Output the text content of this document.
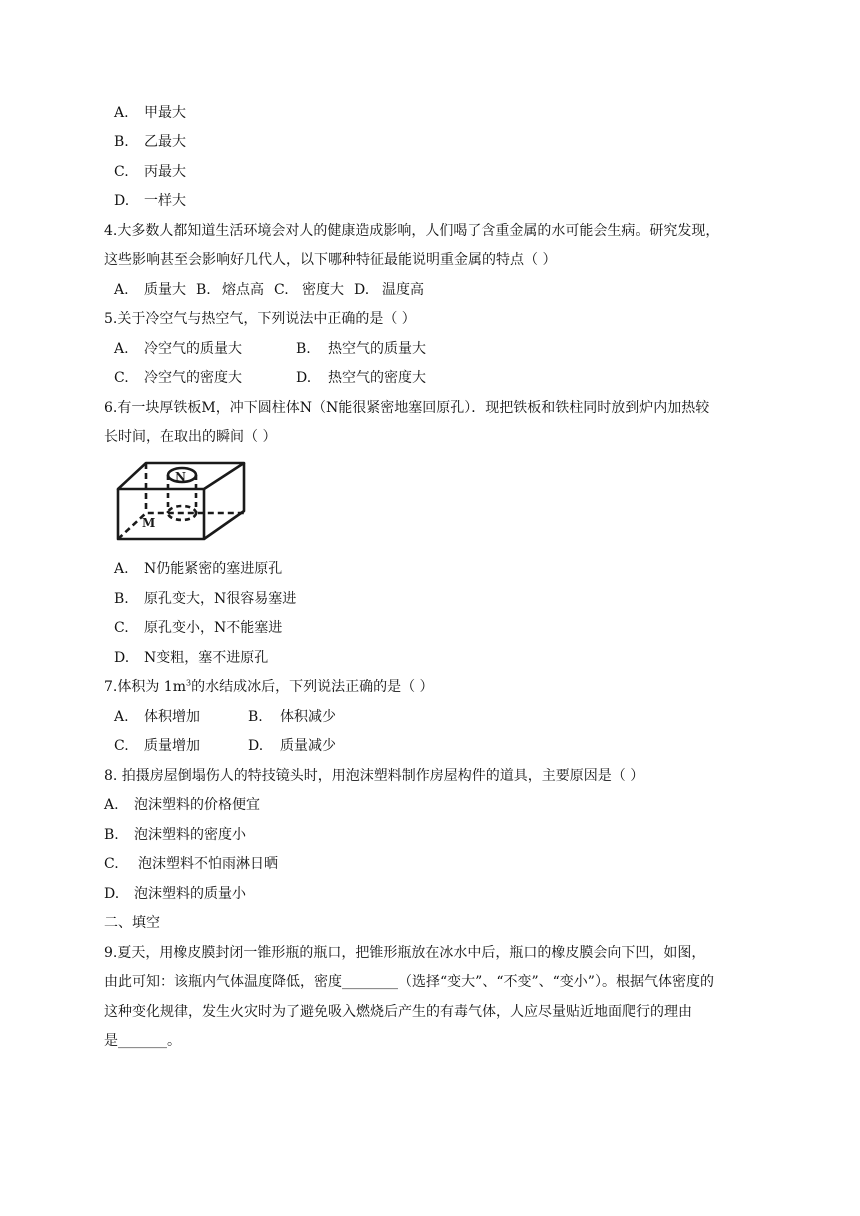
A. 甲最大
B. 乙最大
C. 丙最大
D. 一样大
4.大多数人都知道生活环境会对人的健康造成影响，人们喝了含重金属的水可能会生病。研究发现，
这些影响甚至会影响好几代人，以下哪种特征最能说明重金属的特点（ ）
A. 质量大 B. 熔点高 C. 密度大 D. 温度高
5.关于冷空气与热空气，下列说法中正确的是（ ）
A. 冷空气的质量大	B. 热空气的质量大
C. 冷空气的密度大	D. 热空气的密度大
6.有一块厚铁板M，冲下圆柱体N（N能很紧密地塞回原孔）．现把铁板和铁柱同时放到炉内加热较
长时间，在取出的瞬间（ ）
N
M
A. N仍能紧密的塞进原孔
B. 原孔变大，N很容易塞进
C. 原孔变小，N不能塞进
D. N变粗，塞不进原孔
7.体积为 $1m^3$的水结成冰后，下列说法正确的是（ ）
A. 体积增加	B. 体积减少
C. 质量增加	D. 质量减少
8. 拍摄房屋倒塌伤人的特技镜头时，用泡沫塑料制作房屋构件的道具，主要原因是（ ）
A. 泡沫塑料的价格便宜
B. 泡沫塑料的密度小
C. 泡沫塑料不怕雨淋日晒
D. 泡沫塑料的质量小
二、填空
9.夏天，用橡皮膜封闭一锥形瓶的瓶口，把锥形瓶放在冰水中后，瓶口的橡皮膜会向下凹，如图，
由此可知：该瓶内气体温度降低，密度________（选择“变大”、“不变”、“变小”）。根据气体密度的
这种变化规律，发生火灾时为了避免吸入燃烧后产生的有毒气体，人应尽量贴近地面爬行的理由
是_______。
